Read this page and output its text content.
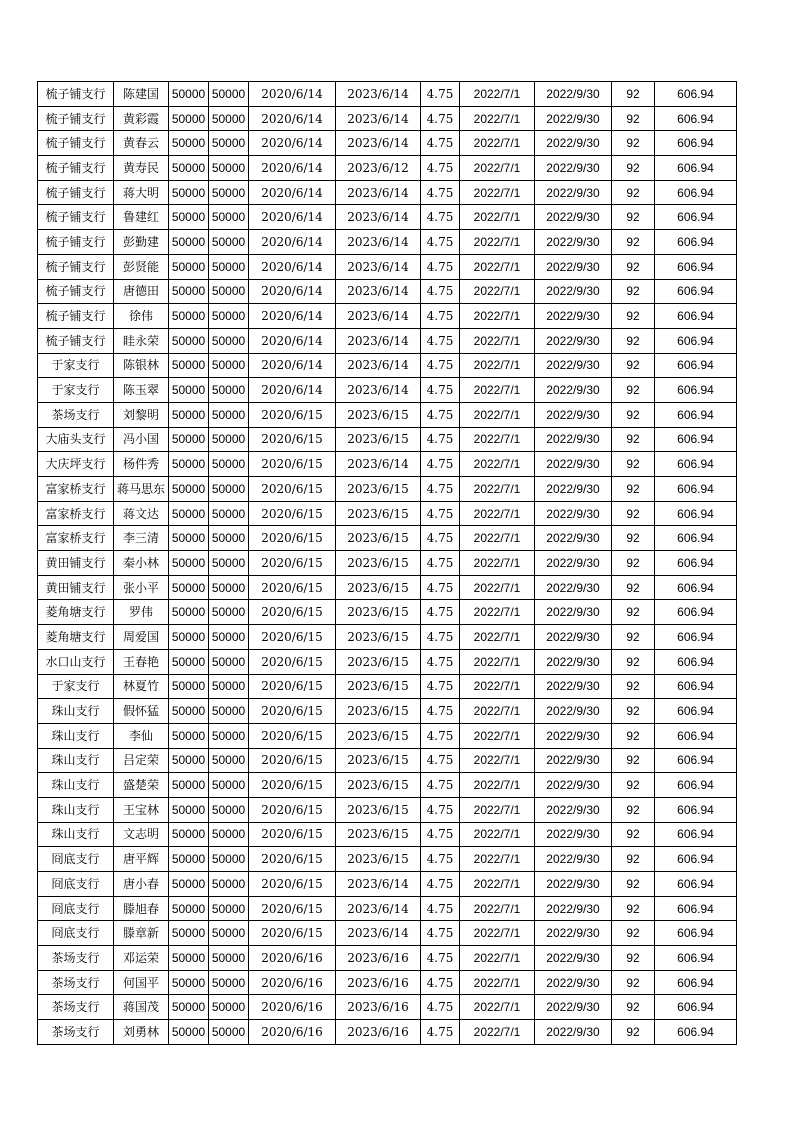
梳子铺支行	陈建国	50000	50000	2020/6/14	2023/6/14	4.75	2022/7/1	2022/9/30	92	606.94
梳子铺支行	黄彩霞	50000	50000	2020/6/14	2023/6/14	4.75	2022/7/1	2022/9/30	92	606.94
梳子铺支行	黄春云	50000	50000	2020/6/14	2023/6/14	4.75	2022/7/1	2022/9/30	92	606.94
梳子铺支行	黄寿民	50000	50000	2020/6/14	2023/6/12	4.75	2022/7/1	2022/9/30	92	606.94
梳子铺支行	蒋大明	50000	50000	2020/6/14	2023/6/14	4.75	2022/7/1	2022/9/30	92	606.94
梳子铺支行	鲁建红	50000	50000	2020/6/14	2023/6/14	4.75	2022/7/1	2022/9/30	92	606.94
梳子铺支行	彭勤建	50000	50000	2020/6/14	2023/6/14	4.75	2022/7/1	2022/9/30	92	606.94
梳子铺支行	彭贤能	50000	50000	2020/6/14	2023/6/14	4.75	2022/7/1	2022/9/30	92	606.94
梳子铺支行	唐德田	50000	50000	2020/6/14	2023/6/14	4.75	2022/7/1	2022/9/30	92	606.94
梳子铺支行	徐伟	50000	50000	2020/6/14	2023/6/14	4.75	2022/7/1	2022/9/30	92	606.94
梳子铺支行	眭永荣	50000	50000	2020/6/14	2023/6/14	4.75	2022/7/1	2022/9/30	92	606.94
于家支行	陈银林	50000	50000	2020/6/14	2023/6/14	4.75	2022/7/1	2022/9/30	92	606.94
于家支行	陈玉翠	50000	50000	2020/6/14	2023/6/14	4.75	2022/7/1	2022/9/30	92	606.94
茶场支行	刘黎明	50000	50000	2020/6/15	2023/6/15	4.75	2022/7/1	2022/9/30	92	606.94
大庙头支行	冯小国	50000	50000	2020/6/15	2023/6/15	4.75	2022/7/1	2022/9/30	92	606.94
大庆坪支行	杨件秀	50000	50000	2020/6/15	2023/6/14	4.75	2022/7/1	2022/9/30	92	606.94
富家桥支行	蒋马思东	50000	50000	2020/6/15	2023/6/15	4.75	2022/7/1	2022/9/30	92	606.94
富家桥支行	蒋文达	50000	50000	2020/6/15	2023/6/15	4.75	2022/7/1	2022/9/30	92	606.94
富家桥支行	李三清	50000	50000	2020/6/15	2023/6/15	4.75	2022/7/1	2022/9/30	92	606.94
黄田铺支行	秦小林	50000	50000	2020/6/15	2023/6/15	4.75	2022/7/1	2022/9/30	92	606.94
黄田铺支行	张小平	50000	50000	2020/6/15	2023/6/15	4.75	2022/7/1	2022/9/30	92	606.94
菱角塘支行	罗伟	50000	50000	2020/6/15	2023/6/15	4.75	2022/7/1	2022/9/30	92	606.94
菱角塘支行	周爱国	50000	50000	2020/6/15	2023/6/15	4.75	2022/7/1	2022/9/30	92	606.94
水口山支行	王春艳	50000	50000	2020/6/15	2023/6/15	4.75	2022/7/1	2022/9/30	92	606.94
于家支行	林夏竹	50000	50000	2020/6/15	2023/6/15	4.75	2022/7/1	2022/9/30	92	606.94
珠山支行	假怀猛	50000	50000	2020/6/15	2023/6/15	4.75	2022/7/1	2022/9/30	92	606.94
珠山支行	李仙	50000	50000	2020/6/15	2023/6/15	4.75	2022/7/1	2022/9/30	92	606.94
珠山支行	吕定荣	50000	50000	2020/6/15	2023/6/15	4.75	2022/7/1	2022/9/30	92	606.94
珠山支行	盛楚荣	50000	50000	2020/6/15	2023/6/15	4.75	2022/7/1	2022/9/30	92	606.94
珠山支行	王宝林	50000	50000	2020/6/15	2023/6/15	4.75	2022/7/1	2022/9/30	92	606.94
珠山支行	文志明	50000	50000	2020/6/15	2023/6/15	4.75	2022/7/1	2022/9/30	92	606.94
冏底支行	唐平辉	50000	50000	2020/6/15	2023/6/15	4.75	2022/7/1	2022/9/30	92	606.94
冏底支行	唐小春	50000	50000	2020/6/15	2023/6/14	4.75	2022/7/1	2022/9/30	92	606.94
冏底支行	滕旭春	50000	50000	2020/6/15	2023/6/14	4.75	2022/7/1	2022/9/30	92	606.94
冏底支行	滕章新	50000	50000	2020/6/15	2023/6/14	4.75	2022/7/1	2022/9/30	92	606.94
茶场支行	邓运荣	50000	50000	2020/6/16	2023/6/16	4.75	2022/7/1	2022/9/30	92	606.94
茶场支行	何国平	50000	50000	2020/6/16	2023/6/16	4.75	2022/7/1	2022/9/30	92	606.94
茶场支行	蒋国茂	50000	50000	2020/6/16	2023/6/16	4.75	2022/7/1	2022/9/30	92	606.94
茶场支行	刘勇林	50000	50000	2020/6/16	2023/6/16	4.75	2022/7/1	2022/9/30	92	606.94
